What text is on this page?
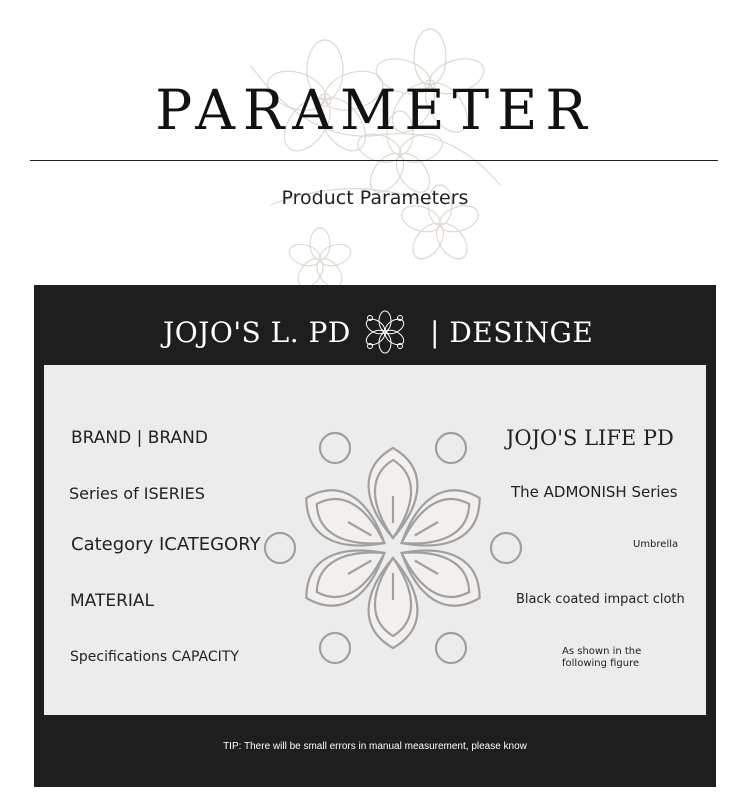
PARAMETER
Product Parameters
JOJO'S L. PD	| DESINGE
BRAND | BRAND
Series of ISERIES
Category ICATEGORY
MATERIAL
Specifications CAPACITY
JOJO'S LIFE PD
The ADMONISH Series
Umbrella
Black coated impact cloth
As shown in the
following figure
TIP: There will be small errors in manual measurement, please know
